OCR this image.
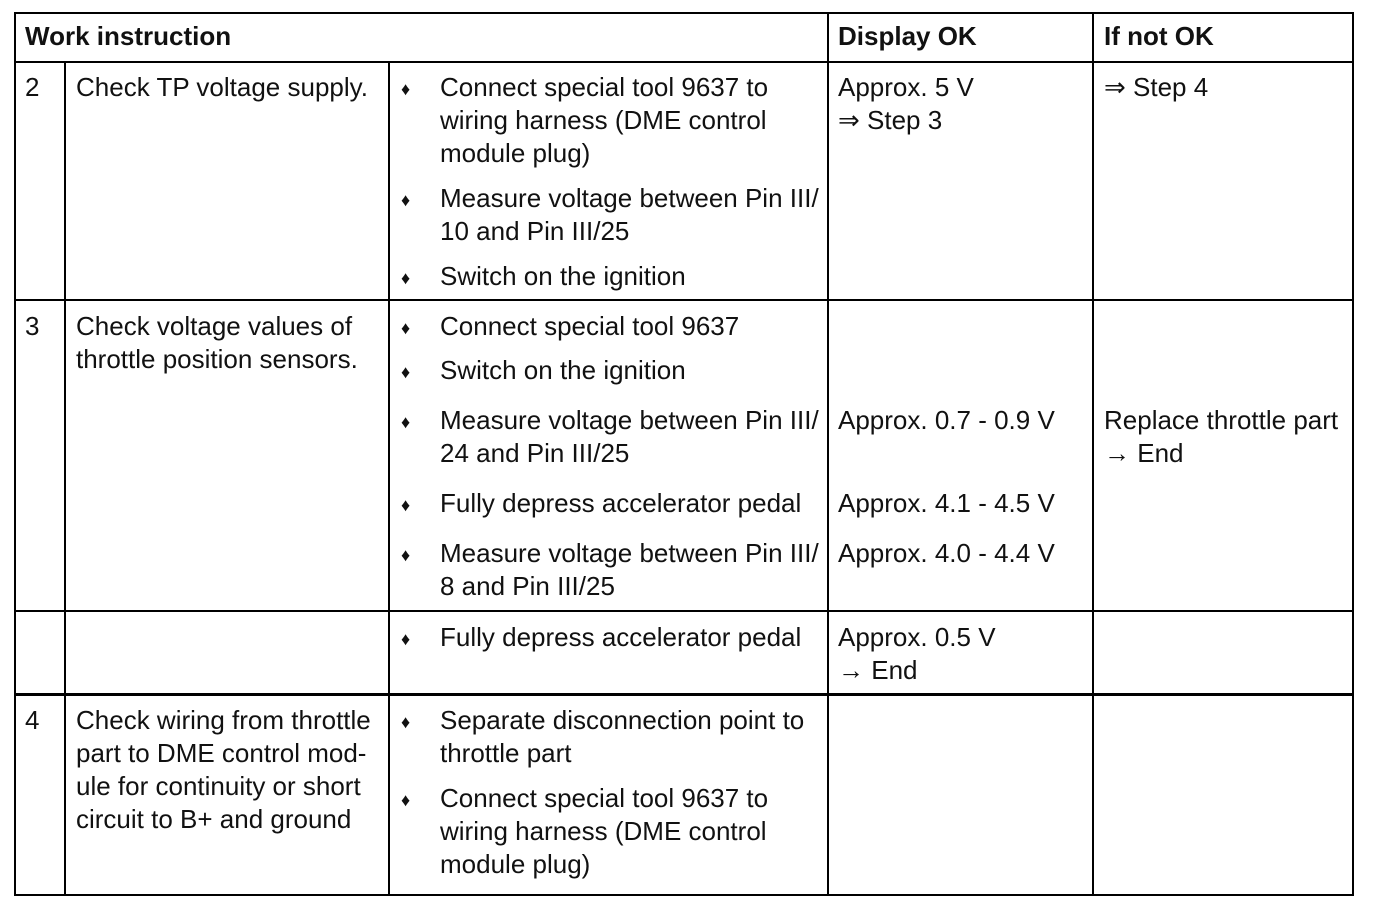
Work instruction	Display OK	If not OK
2 Check TP voltage supply. ♦ Connect special tool 9637 to
wiring harness (DME control
module plug)
♦ Measure voltage between Pin III/
10 and Pin III/25
♦ Switch on the ignition
Approx. 5 V
⇒ Step 3
⇒ Step 4
3 Check voltage values of
throttle position sensors.
♦ Connect special tool 9637
♦ Switch on the ignition
♦ Measure voltage between Pin III/
24 and Pin III/25
♦ Fully depress accelerator pedal
♦ Measure voltage between Pin III/
8 and Pin III/25
Approx. 0.7 - 0.9 V
Approx. 4.1 - 4.5 V
Approx. 4.0 - 4.4 V
Replace throttle part
→ End
♦ Fully depress accelerator pedal Approx. 0.5 V
→ End
4 Check wiring from throttle
part to DME control mod-
ule for continuity or short
circuit to B+ and ground
♦ Separate disconnection point to
throttle part
♦ Connect special tool 9637 to
wiring harness (DME control
module plug)
